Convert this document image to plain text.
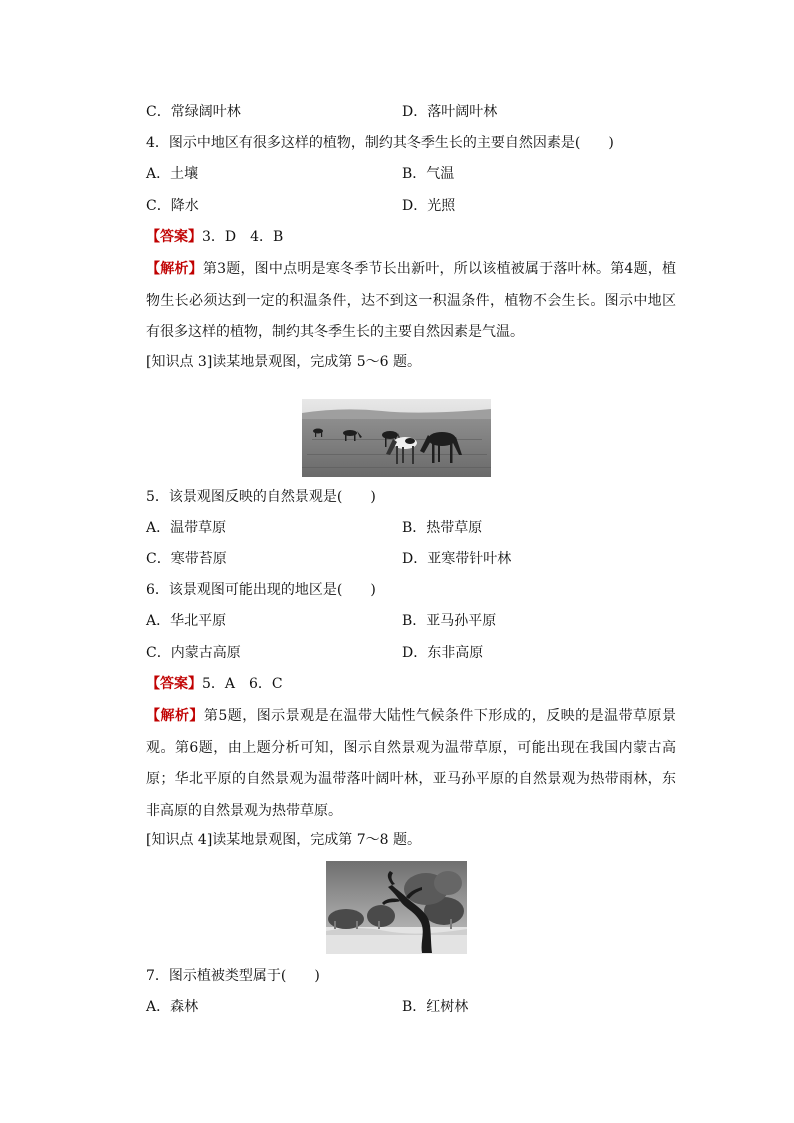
C．常绿阔叶林	D．落叶阔叶林
4．图示中地区有很多这样的植物，制约其冬季生长的主要自然因素是(　　)
A．土壤	B．气温
C．降水	D．光照
【答案】3．D　4．B
【解析】第3题，图中点明是寒冬季节长出新叶，所以该植被属于落叶林。第4题，植物生长必须达到一定的积温条件，达不到这一积温条件，植物不会生长。图示中地区有很多这样的植物，制约其冬季生长的主要自然因素是气温。
[知识点 3]读某地景观图，完成第 5～6 题。
5．该景观图反映的自然景观是(　　)
A．温带草原	B．热带草原
C．寒带苔原	D．亚寒带针叶林
6．该景观图可能出现的地区是(　　)
A．华北平原	B．亚马孙平原
C．内蒙古高原	D．东非高原
【答案】5．A　6．C
【解析】第5题，图示景观是在温带大陆性气候条件下形成的，反映的是温带草原景观。第6题，由上题分析可知，图示自然景观为温带草原，可能出现在我国内蒙古高原；华北平原的自然景观为温带落叶阔叶林，亚马孙平原的自然景观为热带雨林，东非高原的自然景观为热带草原。
[知识点 4]读某地景观图，完成第 7～8 题。
7．图示植被类型属于(　　)
A．森林	B．红树林
